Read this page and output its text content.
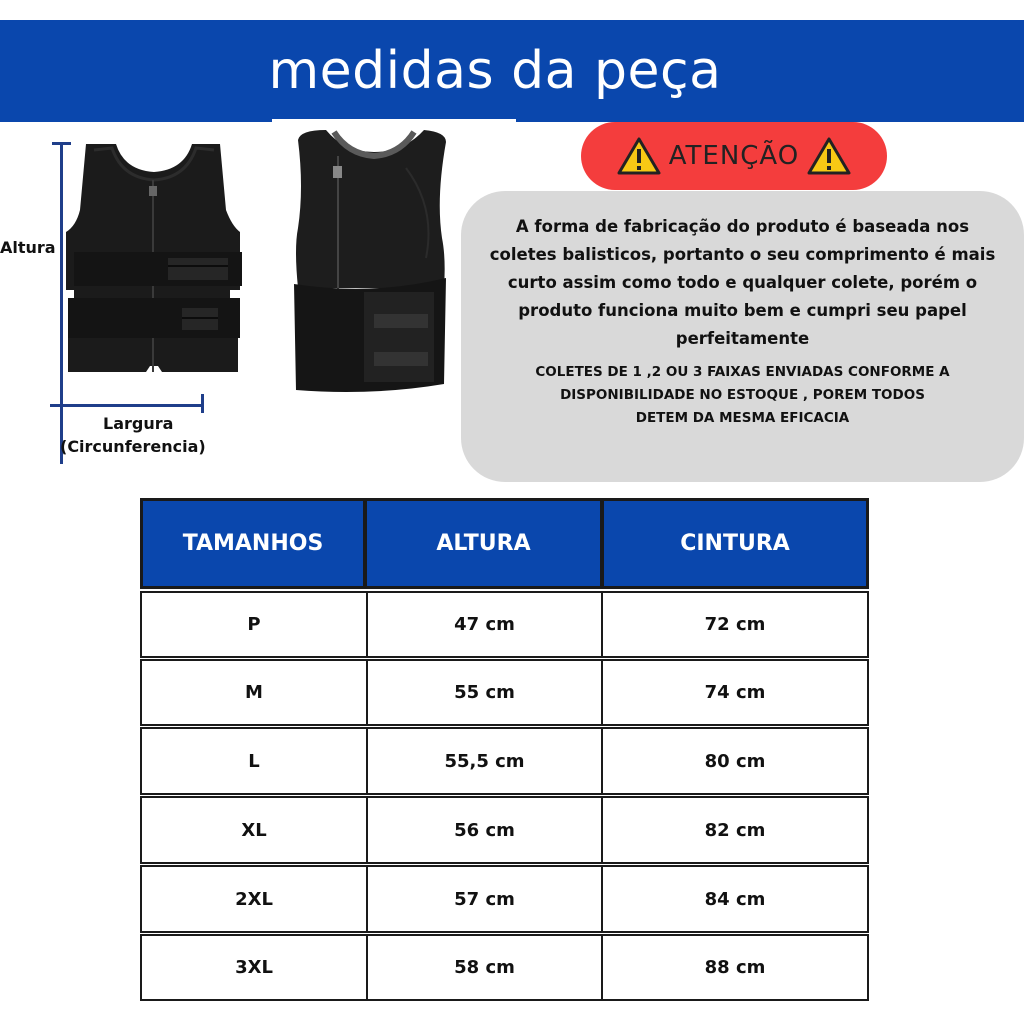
medidas da peça
Altura
Largura
(Circunferencia)
ATENÇÃO
A forma de fabricação do produto é baseada nos
coletes balisticos, portanto o seu comprimento é mais
curto assim como todo e qualquer colete, porém o
produto funciona muito bem e cumpri seu papel
perfeitamente
COLETES DE 1 ,2 OU 3 FAIXAS ENVIADAS CONFORME A
DISPONIBILIDADE NO ESTOQUE , POREM TODOS
DETEM DA MESMA EFICACIA
TAMANHOS	ALTURA	CINTURA
P	47 cm	72 cm
M	55 cm	74 cm
L	55,5 cm	80 cm
XL	56 cm	82 cm
2XL	57 cm	84 cm
3XL	58 cm	88 cm
